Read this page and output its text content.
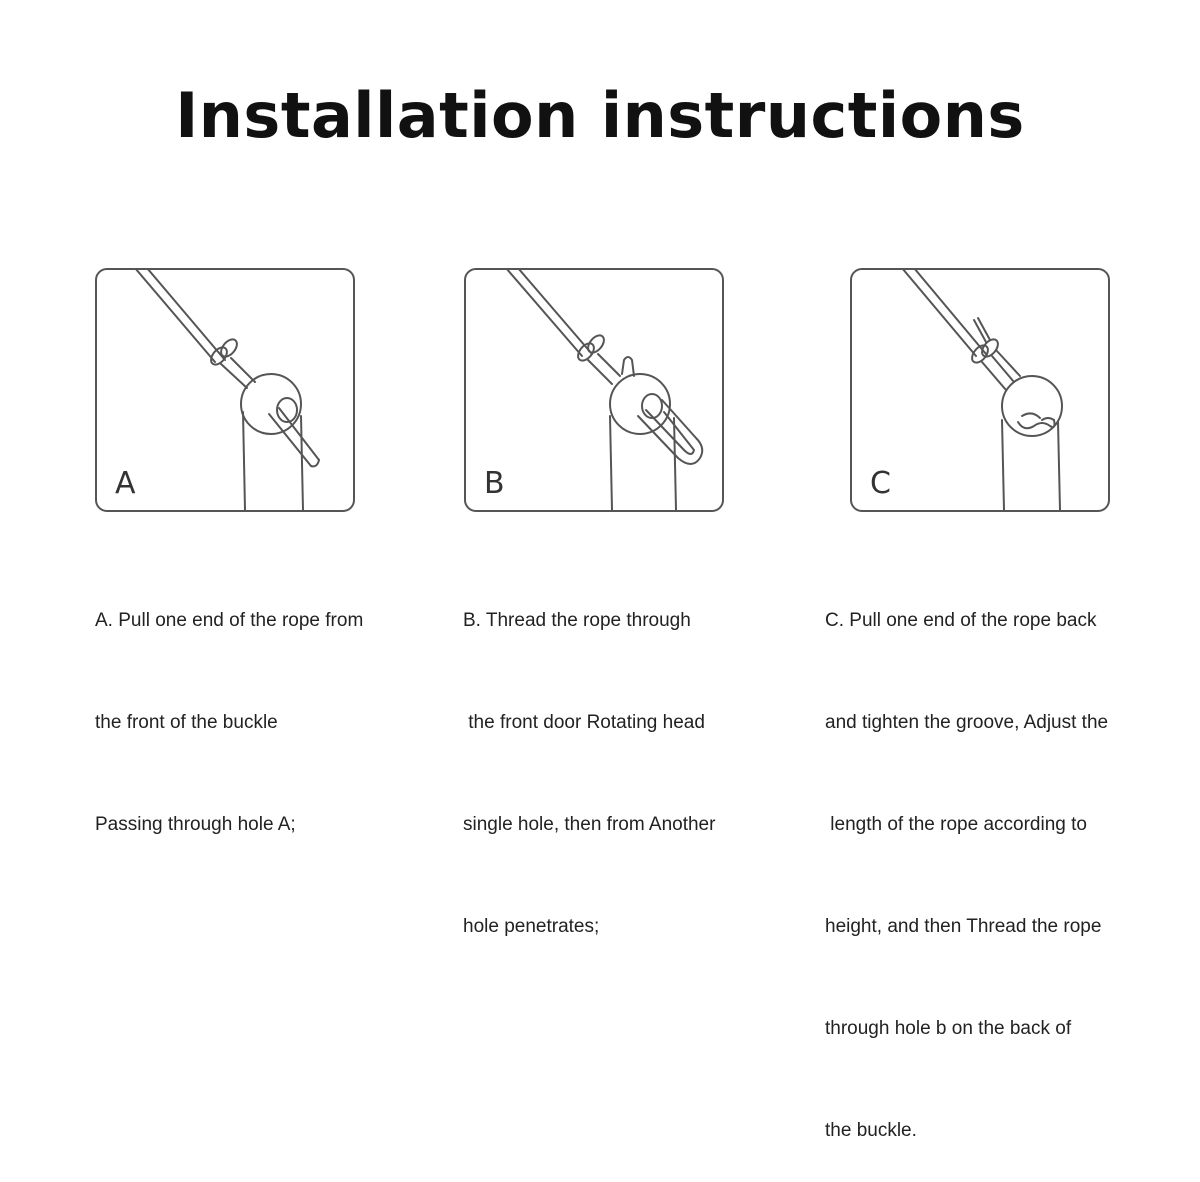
Installation instructions
A	B	C

A. Pull one end of the rope from

the front of the buckle

Passing through hole A;

B. Thread the rope through

the front door Rotating head

single hole, then from Another

hole penetrates;

C. Pull one end of the rope back

and tighten the groove, Adjust the

length of the rope according to

height, and then Thread the rope

through hole b on the back of

the buckle.
